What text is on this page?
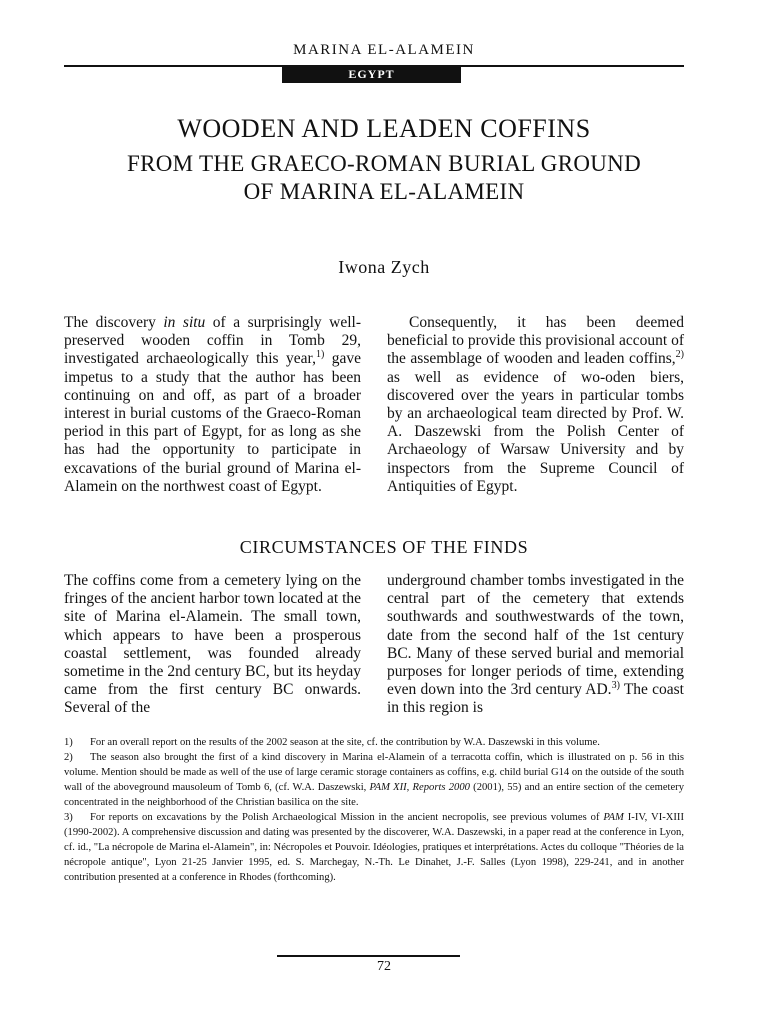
MARINA EL-ALAMEIN
EGYPT
WOODEN AND LEADEN COFFINS
FROM THE GRAECO-ROMAN BURIAL GROUND
OF MARINA EL-ALAMEIN
Iwona Zych

The discovery in situ of a surprisingly well-preserved wooden coffin in Tomb 29, investigated archaeologically this year,$^{1)}$ gave impetus to a study that the author has been continuing on and off, as part of a broader interest in burial customs of the Graeco-Roman period in this part of Egypt, for as long as she has had the opportunity to participate in excavations of the burial ground of Marina el-Alamein on the northwest coast of Egypt.

Consequently, it has been deemed beneficial to provide this provisional account of the assemblage of wooden and leaden coffins,$^{2)}$ as well as evidence of wo-oden biers, discovered over the years in particular tombs by an archaeological team directed by Prof. W. A. Daszewski from the Polish Center of Archaeology of Warsaw University and by inspectors from the Supreme Council of Antiquities of Egypt.

CIRCUMSTANCES OF THE FINDS

The coffins come from a cemetery lying on the fringes of the ancient harbor town located at the site of Marina el-Alamein. The small town, which appears to have been a prosperous coastal settlement, was founded already sometime in the 2nd century BC, but its heyday came from the first century BC onwards. Several of the

underground chamber tombs investigated in the central part of the cemetery that extends southwards and southwestwards of the town, date from the second half of the 1st century BC. Many of these served burial and memorial purposes for longer periods of time, extending even down into the 3rd century AD.$^{3)}$ The coast in this region is

1) For an overall report on the results of the 2002 season at the site, cf. the contribution by W.A. Daszewski in this volume.

2) The season also brought the first of a kind discovery in Marina el-Alamein of a terracotta coffin, which is illustrated on p. 56 in this volume. Mention should be made as well of the use of large ceramic storage containers as coffins, e.g. child burial G14 on the outside of the south wall of the aboveground mausoleum of Tomb 6, (cf. W.A. Daszewski, PAM XII, Reports 2000 (2001), 55) and an entire section of the cemetery concentrated in the neighborhood of the Christian basilica on the site.

3) For reports on excavations by the Polish Archaeological Mission in the ancient necropolis, see previous volumes of PAM I-IV, VI-XIII (1990-2002). A comprehensive discussion and dating was presented by the discoverer, W.A. Daszewski, in a paper read at the conference in Lyon, cf. id., "La nécropole de Marina el-Alamein", in: Nécropoles et Pouvoir. Idéologies, pratiques et interprétations. Actes du colloque "Théories de la nécropole antique", Lyon 21-25 Janvier 1995, ed. S. Marchegay, N.-Th. Le Dinahet, J.-F. Salles (Lyon 1998), 229-241, and in another contribution presented at a conference in Rhodes (forthcoming).

72
